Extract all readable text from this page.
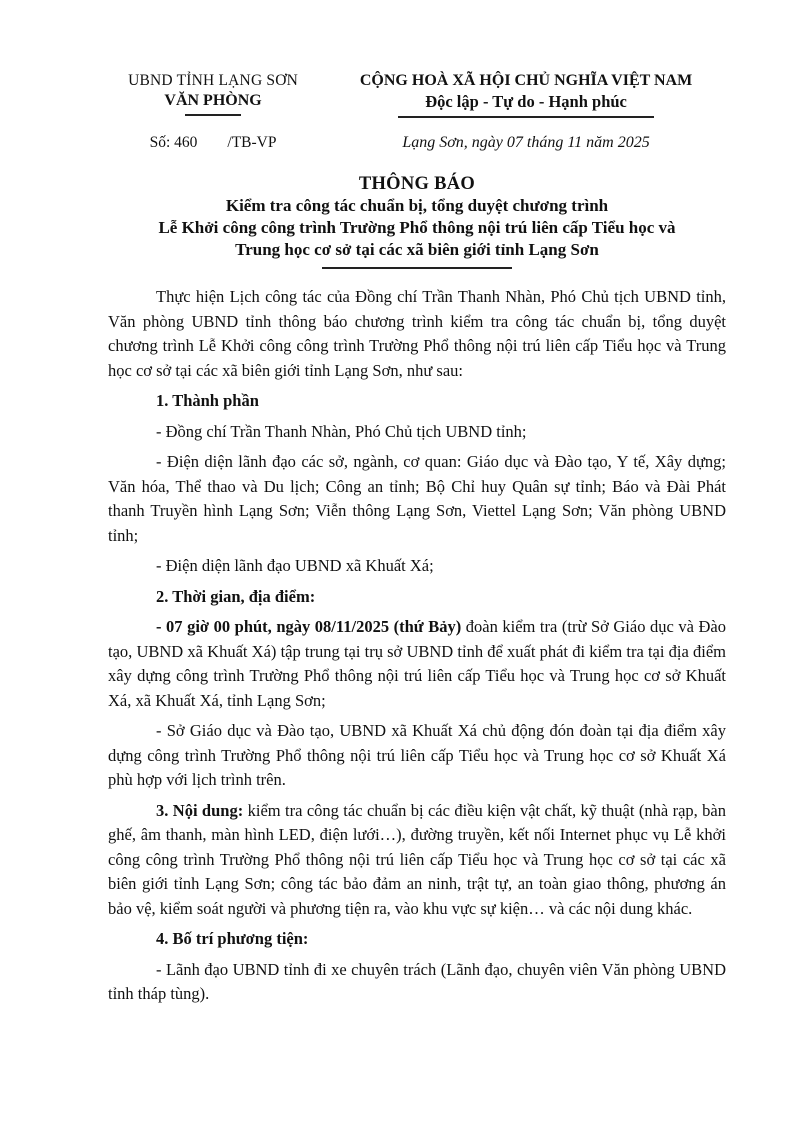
UBND TỈNH LẠNG SƠN
VĂN PHÒNG
Số: 460 /TB-VP
CỘNG HOÀ XÃ HỘI CHỦ NGHĨA VIỆT NAM
Độc lập - Tự do - Hạnh phúc
Lạng Sơn, ngày 07 tháng 11 năm 2025
THÔNG BÁO
Kiểm tra công tác chuẩn bị, tổng duyệt chương trình
Lễ Khởi công công trình Trường Phổ thông nội trú liên cấp Tiểu học và
Trung học cơ sở tại các xã biên giới tỉnh Lạng Sơn

Thực hiện Lịch công tác của Đồng chí Trần Thanh Nhàn, Phó Chủ tịch UBND tỉnh, Văn phòng UBND tỉnh thông báo chương trình kiểm tra công tác chuẩn bị, tổng duyệt chương trình Lễ Khởi công công trình Trường Phổ thông nội trú liên cấp Tiểu học và Trung học cơ sở tại các xã biên giới tỉnh Lạng Sơn, như sau:

1. Thành phần

- Đồng chí Trần Thanh Nhàn, Phó Chủ tịch UBND tỉnh;

- Điện diện lãnh đạo các sở, ngành, cơ quan: Giáo dục và Đào tạo, Y tế, Xây dựng; Văn hóa, Thể thao và Du lịch; Công an tỉnh; Bộ Chỉ huy Quân sự tỉnh; Báo và Đài Phát thanh Truyền hình Lạng Sơn; Viễn thông Lạng Sơn, Viettel Lạng Sơn; Văn phòng UBND tỉnh;

- Điện diện lãnh đạo UBND xã Khuất Xá;

2. Thời gian, địa điểm:

- 07 giờ 00 phút, ngày 08/11/2025 (thứ Bảy) đoàn kiểm tra (trừ Sở Giáo dục và Đào tạo, UBND xã Khuất Xá) tập trung tại trụ sở UBND tỉnh để xuất phát đi kiểm tra tại địa điểm xây dựng công trình Trường Phổ thông nội trú liên cấp Tiểu học và Trung học cơ sở Khuất Xá, xã Khuất Xá, tỉnh Lạng Sơn;

- Sở Giáo dục và Đào tạo, UBND xã Khuất Xá chủ động đón đoàn tại địa điểm xây dựng công trình Trường Phổ thông nội trú liên cấp Tiểu học và Trung học cơ sở Khuất Xá phù hợp với lịch trình trên.

3. Nội dung: kiểm tra công tác chuẩn bị các điều kiện vật chất, kỹ thuật (nhà rạp, bàn ghế, âm thanh, màn hình LED, điện lưới…), đường truyền, kết nối Internet phục vụ Lễ khởi công công trình Trường Phổ thông nội trú liên cấp Tiểu học và Trung học cơ sở tại các xã biên giới tỉnh Lạng Sơn; công tác bảo đảm an ninh, trật tự, an toàn giao thông, phương án bảo vệ, kiểm soát người và phương tiện ra, vào khu vực sự kiện… và các nội dung khác.

4. Bố trí phương tiện:

- Lãnh đạo UBND tỉnh đi xe chuyên trách (Lãnh đạo, chuyên viên Văn phòng UBND tỉnh tháp tùng).
